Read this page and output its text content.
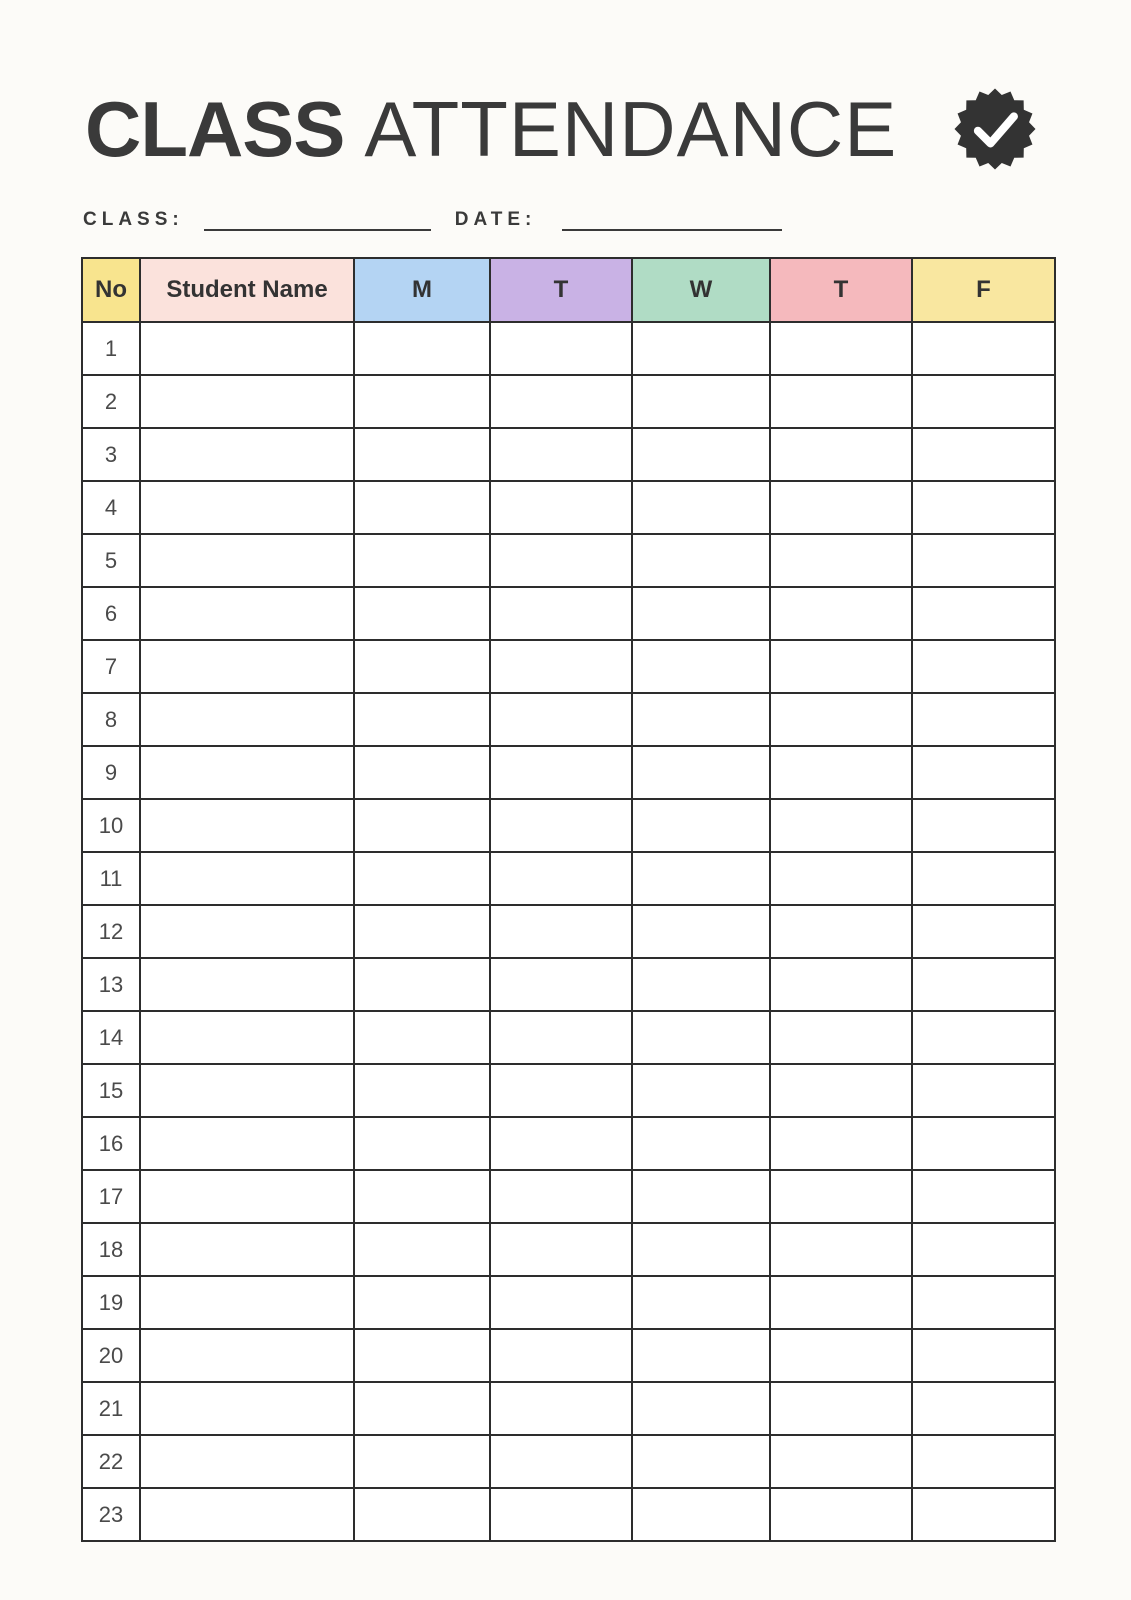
CLASS ATTENDANCE
CLASS:	DATE:
No	Student Name	M	T	W	T	F
1						
2						
3						
4						
5						
6						
7						
8						
9						
10						
11						
12						
13						
14						
15						
16						
17						
18						
19						
20						
21						
22						
23						
